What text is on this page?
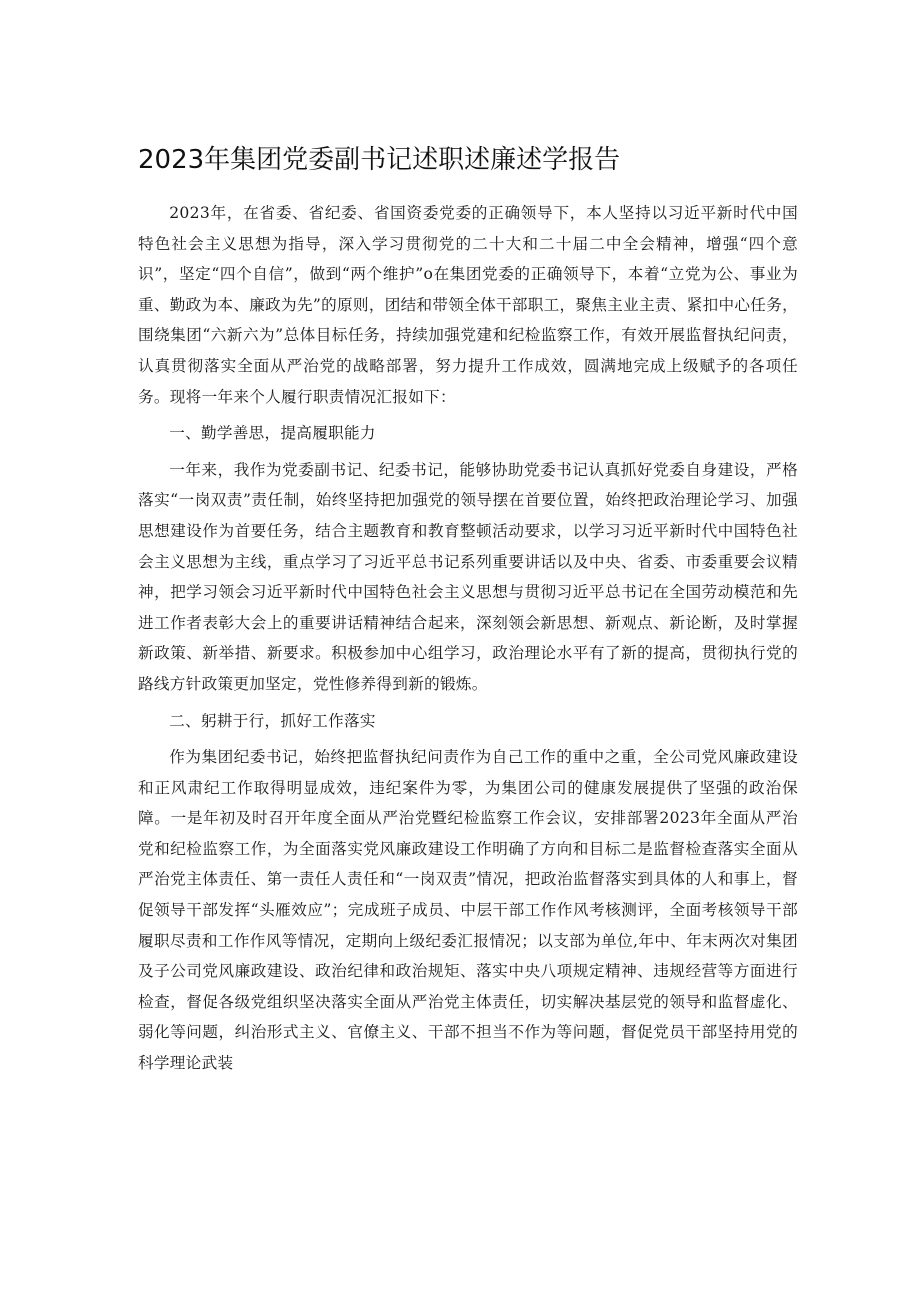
2023年集团党委副书记述职述廉述学报告

2023年，在省委、省纪委、省国资委党委的正确领导下，本人坚持以习近平新时代中国特色社会主义思想为指导，深入学习贯彻党的二十大和二十届二中全会精神，增强“四个意识”，坚定“四个自信”，做到“两个维护”o在集团党委的正确领导下，本着“立党为公、事业为重、勤政为本、廉政为先”的原则，团结和带领全体干部职工，聚焦主业主责、紧扣中心任务，围绕集团“六新六为”总体目标任务，持续加强党建和纪检监察工作，有效开展监督执纪问责，认真贯彻落实全面从严治党的战略部署，努力提升工作成效，圆满地完成上级赋予的各项任务。现将一年来个人履行职责情况汇报如下：

一、勤学善思，提高履职能力

一年来，我作为党委副书记、纪委书记，能够协助党委书记认真抓好党委自身建设，严格落实“一岗双责”责任制，始终坚持把加强党的领导摆在首要位置，始终把政治理论学习、加强思想建设作为首要任务，结合主题教育和教育整顿活动要求，以学习习近平新时代中国特色社会主义思想为主线，重点学习了习近平总书记系列重要讲话以及中央、省委、市委重要会议精神，把学习领会习近平新时代中国特色社会主义思想与贯彻习近平总书记在全国劳动模范和先进工作者表彰大会上的重要讲话精神结合起来，深刻领会新思想、新观点、新论断，及时掌握新政策、新举措、新要求。积极参加中心组学习，政治理论水平有了新的提高，贯彻执行党的路线方针政策更加坚定，党性修养得到新的锻炼。

二、躬耕于行，抓好工作落实

作为集团纪委书记，始终把监督执纪问责作为自己工作的重中之重，全公司党风廉政建设和正风肃纪工作取得明显成效，违纪案件为零，为集团公司的健康发展提供了坚强的政治保障。一是年初及时召开年度全面从严治党暨纪检监察工作会议，安排部署2023年全面从严治党和纪检监察工作，为全面落实党风廉政建设工作明确了方向和目标二是监督检查落实全面从严治党主体责任、第一责任人责任和“一岗双责”情况，把政治监督落实到具体的人和事上，督促领导干部发挥“头雁效应”；完成班子成员、中层干部工作作风考核测评，全面考核领导干部履职尽责和工作作风等情况，定期向上级纪委汇报情况；以支部为单位,年中、年末两次对集团及子公司党风廉政建设、政治纪律和政治规矩、落实中央八项规定精神、违规经营等方面进行检查，督促各级党组织坚决落实全面从严治党主体责任，切实解决基层党的领导和监督虚化、弱化等问题，纠治形式主义、官僚主义、干部不担当不作为等问题，督促党员干部坚持用党的科学理论武装
